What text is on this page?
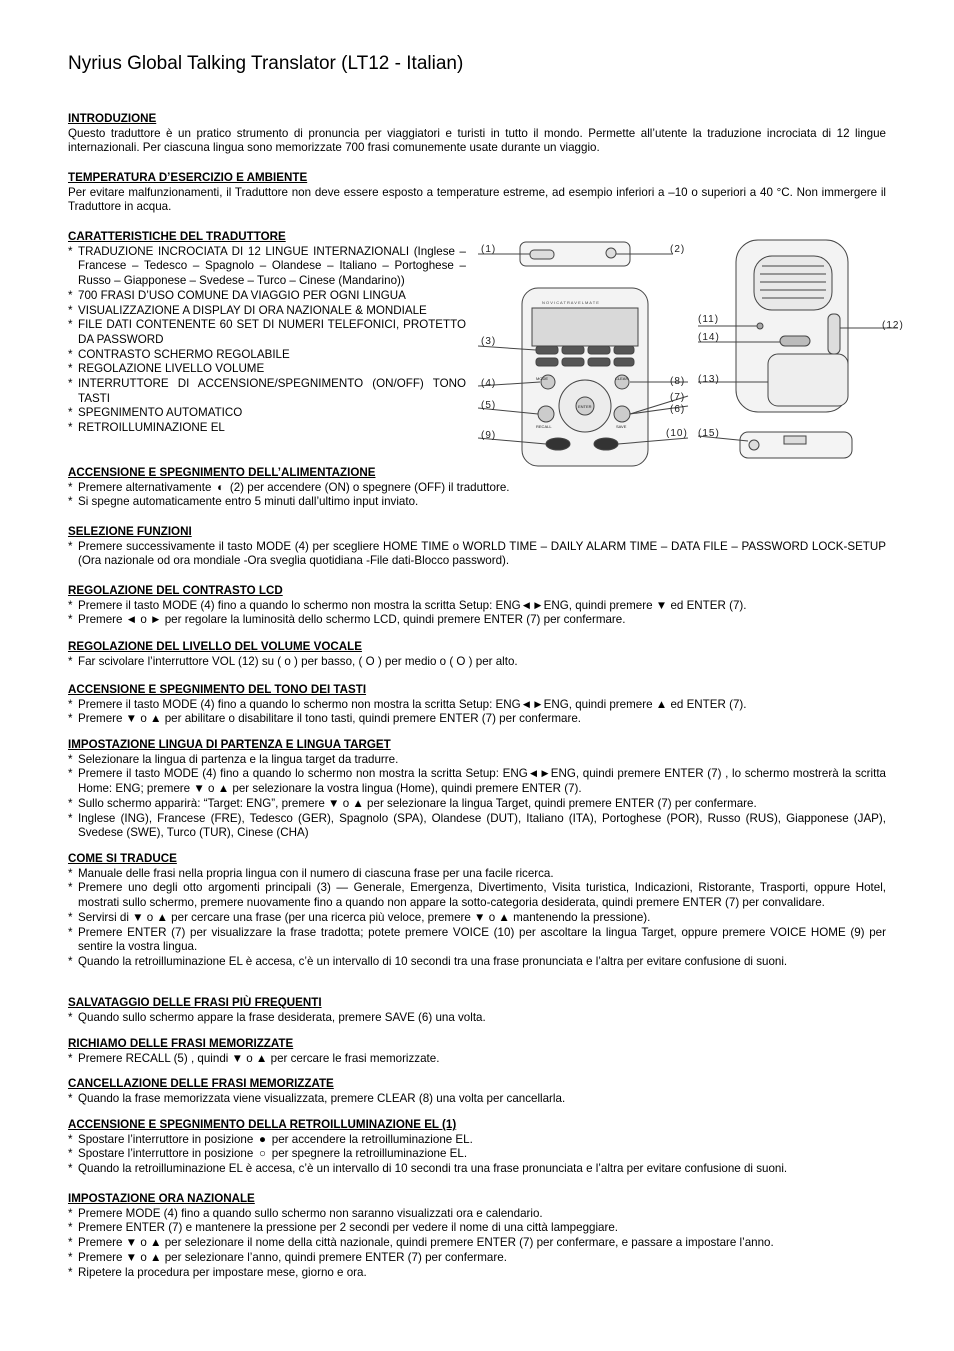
Nyrius Global Talking Translator (LT12 - Italian)
INTRODUZIONE

Questo traduttore è un pratico strumento di pronuncia per viaggiatori e turisti in tutto il mondo. Permette all’utente la traduzione incrociata di 12 lingue internazionali. Per ciascuna lingua sono memorizzate 700 frasi comunemente usate durante un viaggio.

TEMPERATURA D’ESERCIZIO E AMBIENTE

Per evitare malfunzionamenti, il Traduttore non deve essere esposto a temperature estreme, ad esempio inferiori a –10 o superiori a 40 °C. Non immergere il Traduttore in acqua.

CARATTERISTICHE DEL TRADUTTORE
* TRADUZIONE INCROCIATA DI 12 LINGUE INTERNAZIONALI (Inglese – Francese – Tedesco – Spagnolo – Olandese – Italiano – Portoghese – Russo – Giapponese – Svedese – Turco – Cinese (Mandarino))
* 700 FRASI D’USO COMUNE DA VIAGGIO PER OGNI LINGUA
* VISUALIZZAZIONE A DISPLAY DI ORA NAZIONALE & MONDIALE
* FILE DATI CONTENENTE 60 SET DI NUMERI TELEFONICI, PROTETTO DA PASSWORD
* CONTRASTO SCHERMO REGOLABILE
* REGOLAZIONE LIVELLO VOLUME
* INTERRUTTORE DI ACCENSIONE/SPEGNIMENTO (ON/OFF) TONO TASTI
* SPEGNIMENTO AUTOMATICO
* RETROILLUMINAZIONE EL
(1)	(2)
(3)
(4)
(5)	(6)
(7)
(8)
(9)	(10)
(11)
(12)
(13)
(14)
(15)
N O V I C A T R A V E L M A T E
MODE	CLEAR
RECALL	SAVE
ENTER
ACCENSIONE E SPEGNIMENTO DELL’ALIMENTAZIONE
* Premere alternativamente ◐ (2) per accendere (ON) o spegnere (OFF) il traduttore.
* Si spegne automaticamente entro 5 minuti dall’ultimo input inviato.
SELEZIONE FUNZIONI
* Premere successivamente il tasto MODE (4) per scegliere HOME TIME o WORLD TIME – DAILY ALARM TIME – DATA FILE – PASSWORD LOCK-SETUP (Ora nazionale od ora mondiale -Ora sveglia quotidiana -File dati-Blocco password).
REGOLAZIONE DEL CONTRASTO LCD
* Premere il tasto MODE (4) fino a quando lo schermo non mostra la scritta Setup: ENG◄►ENG, quindi premere ▼ ed ENTER (7).
* Premere ◄ o ► per regolare la luminosità dello schermo LCD, quindi premere ENTER (7) per confermare.
REGOLAZIONE DEL LIVELLO DEL VOLUME VOCALE
* Far scivolare l’interruttore VOL (12) su ( o ) per basso, ( O ) per medio o ( O ) per alto.
ACCENSIONE E SPEGNIMENTO DEL TONO DEI TASTI
* Premere il tasto MODE (4) fino a quando lo schermo non mostra la scritta Setup: ENG◄►ENG, quindi premere ▲ ed ENTER (7).
* Premere ▼ o ▲ per abilitare o disabilitare il tono tasti, quindi premere ENTER (7) per confermare.
IMPOSTAZIONE LINGUA DI PARTENZA E LINGUA TARGET
* Selezionare la lingua di partenza e la lingua target da tradurre.
* Premere il tasto MODE (4) fino a quando lo schermo non mostra la scritta Setup: ENG◄►ENG, quindi premere ENTER (7) , lo schermo mostrerà la scritta Home: ENG; premere ▼ o ▲ per selezionare la vostra lingua (Home), quindi premere ENTER (7).
* Sullo schermo apparirà: “Target: ENG”, premere ▼ o ▲ per selezionare la lingua Target, quindi premere ENTER (7) per confermare.
* Inglese (ING), Francese (FRE), Tedesco (GER), Spagnolo (SPA), Olandese (DUT), Italiano (ITA), Portoghese (POR), Russo (RUS), Giapponese (JAP), Svedese (SWE), Turco (TUR), Cinese (CHA)
COME SI TRADUCE
* Manuale delle frasi nella propria lingua con il numero di ciascuna frase per una facile ricerca.
* Premere uno degli otto argomenti principali (3) — Generale, Emergenza, Divertimento, Visita turistica, Indicazioni, Ristorante, Trasporti, oppure Hotel, mostrati sullo schermo, premere nuovamente fino a quando non appare la sotto-categoria desiderata, quindi premere ENTER (7) per convalidare.
* Servirsi di ▼ o ▲ per cercare una frase (per una ricerca più veloce, premere ▼ o ▲ mantenendo la pressione).
* Premere ENTER (7) per visualizzare la frase tradotta; potete premere VOICE (10) per ascoltare la lingua Target, oppure premere VOICE HOME (9) per sentire la vostra lingua.
* Quando la retroilluminazione EL è accesa, c’è un intervallo di 10 secondi tra una frase pronunciata e l’altra per evitare confusione di suoni.
SALVATAGGIO DELLE FRASI PIÙ FREQUENTI
* Quando sullo schermo appare la frase desiderata, premere SAVE (6) una volta.
RICHIAMO DELLE FRASI MEMORIZZATE
* Premere RECALL (5) , quindi ▼ o ▲ per cercare le frasi memorizzate.
CANCELLAZIONE DELLE FRASI MEMORIZZATE
* Quando la frase memorizzata viene visualizzata, premere CLEAR (8) una volta per cancellarla.
ACCENSIONE E SPEGNIMENTO DELLA RETROILLUMINAZIONE EL (1)
* Spostare l’interruttore in posizione ● per accendere la retroilluminazione EL.
* Spostare l’interruttore in posizione ○ per spegnere la retroilluminazione EL.
* Quando la retroilluminazione EL è accesa, c’è un intervallo di 10 secondi tra una frase pronunciata e l’altra per evitare confusione di suoni.
IMPOSTAZIONE ORA NAZIONALE
* Premere MODE (4) fino a quando sullo schermo non saranno visualizzati ora e calendario.
* Premere ENTER (7) e mantenere la pressione per 2 secondi per vedere il nome di una città lampeggiare.
* Premere ▼ o ▲ per selezionare il nome della città nazionale, quindi premere ENTER (7) per confermare, e passare a impostare l’anno.
* Premere ▼ o ▲ per selezionare l’anno, quindi premere ENTER (7) per confermare.
* Ripetere la procedura per impostare mese, giorno e ora.
